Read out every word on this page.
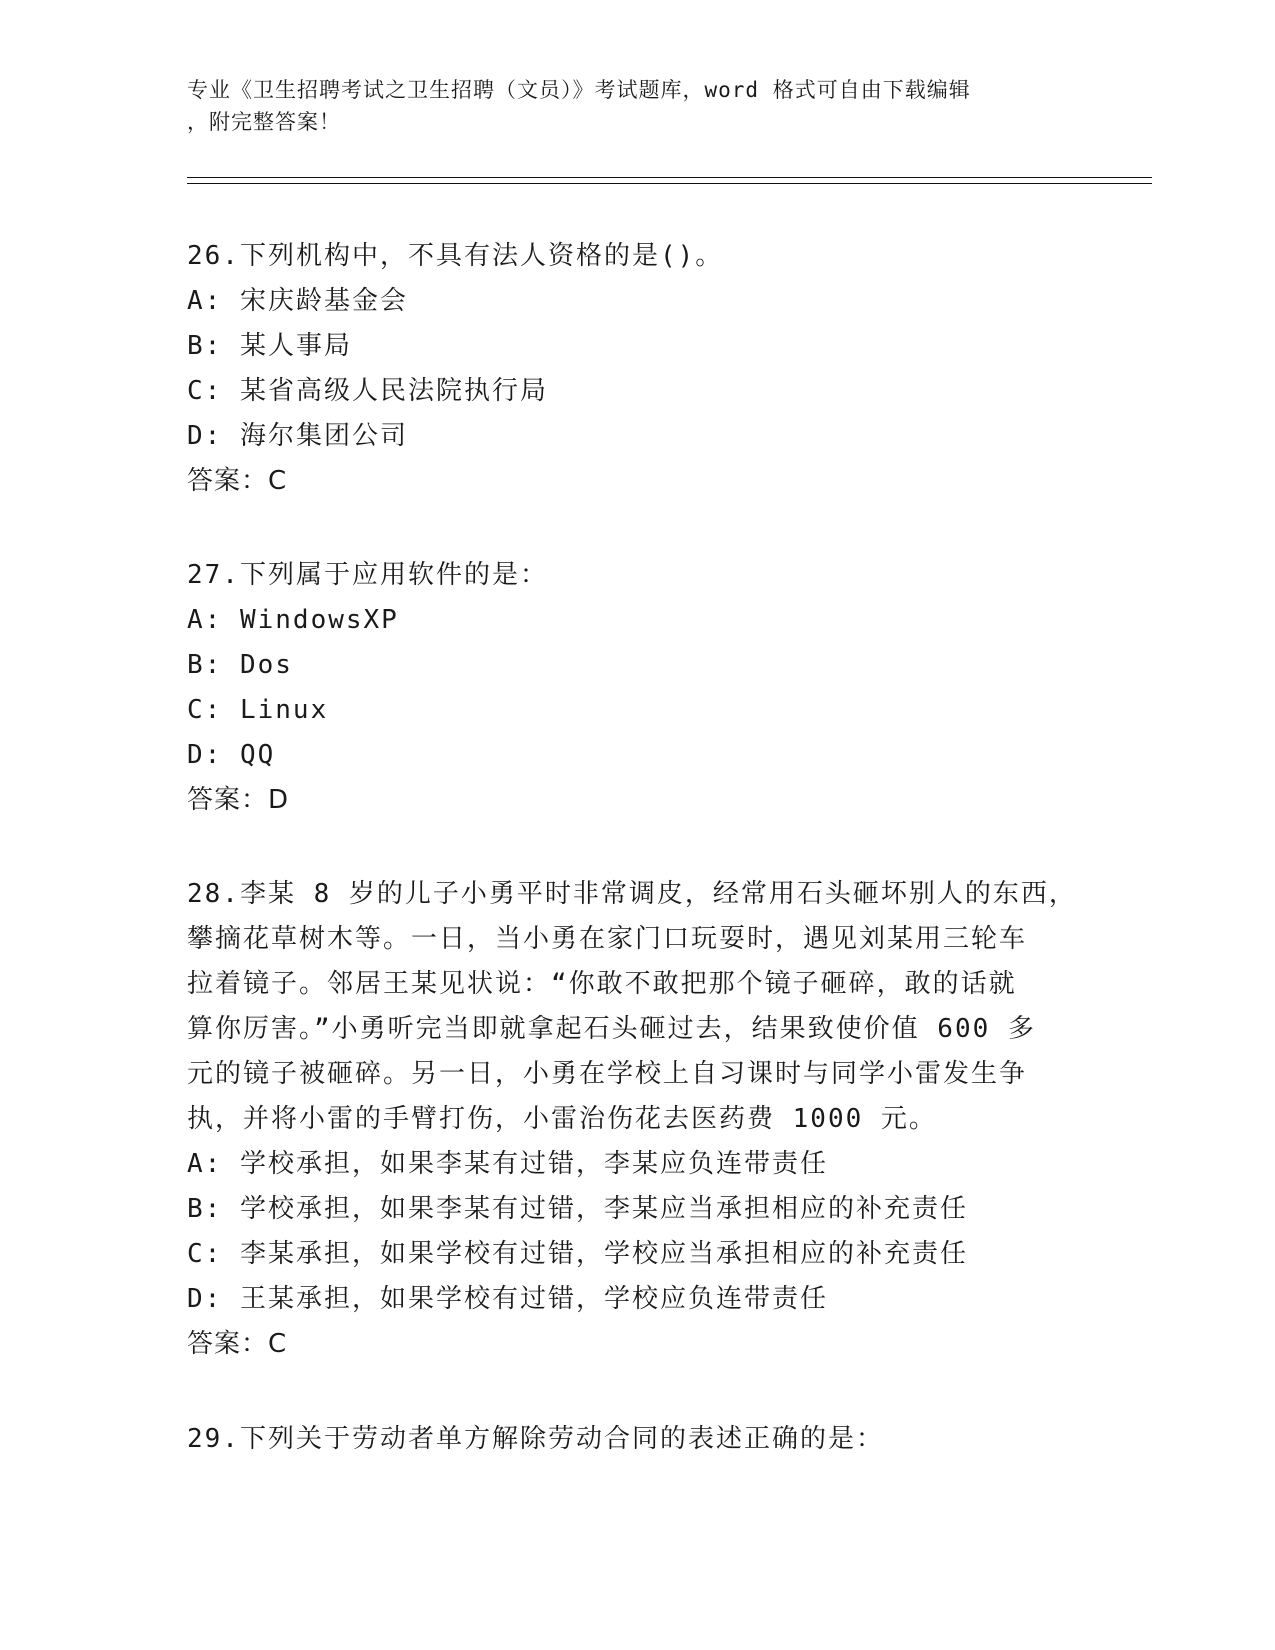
专业《卫生招聘考试之卫生招聘（文员）》考试题库，word 格式可自由下载编辑
，附完整答案！
26.下列机构中，不具有法人资格的是()。
A: 宋庆龄基金会
B: 某人事局
C: 某省高级人民法院执行局
D: 海尔集团公司
答案：C
27.下列属于应用软件的是：
A: WindowsXP
B: Dos
C: Linux
D: QQ
答案：D
28.李某 8 岁的儿子小勇平时非常调皮，经常用石头砸坏别人的东西，
攀摘花草树木等。一日，当小勇在家门口玩耍时，遇见刘某用三轮车
拉着镜子。邻居王某见状说：“你敢不敢把那个镜子砸碎，敢的话就
算你厉害。”小勇听完当即就拿起石头砸过去，结果致使价值 600 多
元的镜子被砸碎。另一日，小勇在学校上自习课时与同学小雷发生争
执，并将小雷的手臂打伤，小雷治伤花去医药费 1000 元。
A: 学校承担，如果李某有过错，李某应负连带责任
B: 学校承担，如果李某有过错，李某应当承担相应的补充责任
C: 李某承担，如果学校有过错，学校应当承担相应的补充责任
D: 王某承担，如果学校有过错，学校应负连带责任
答案：C
29.下列关于劳动者单方解除劳动合同的表述正确的是：
